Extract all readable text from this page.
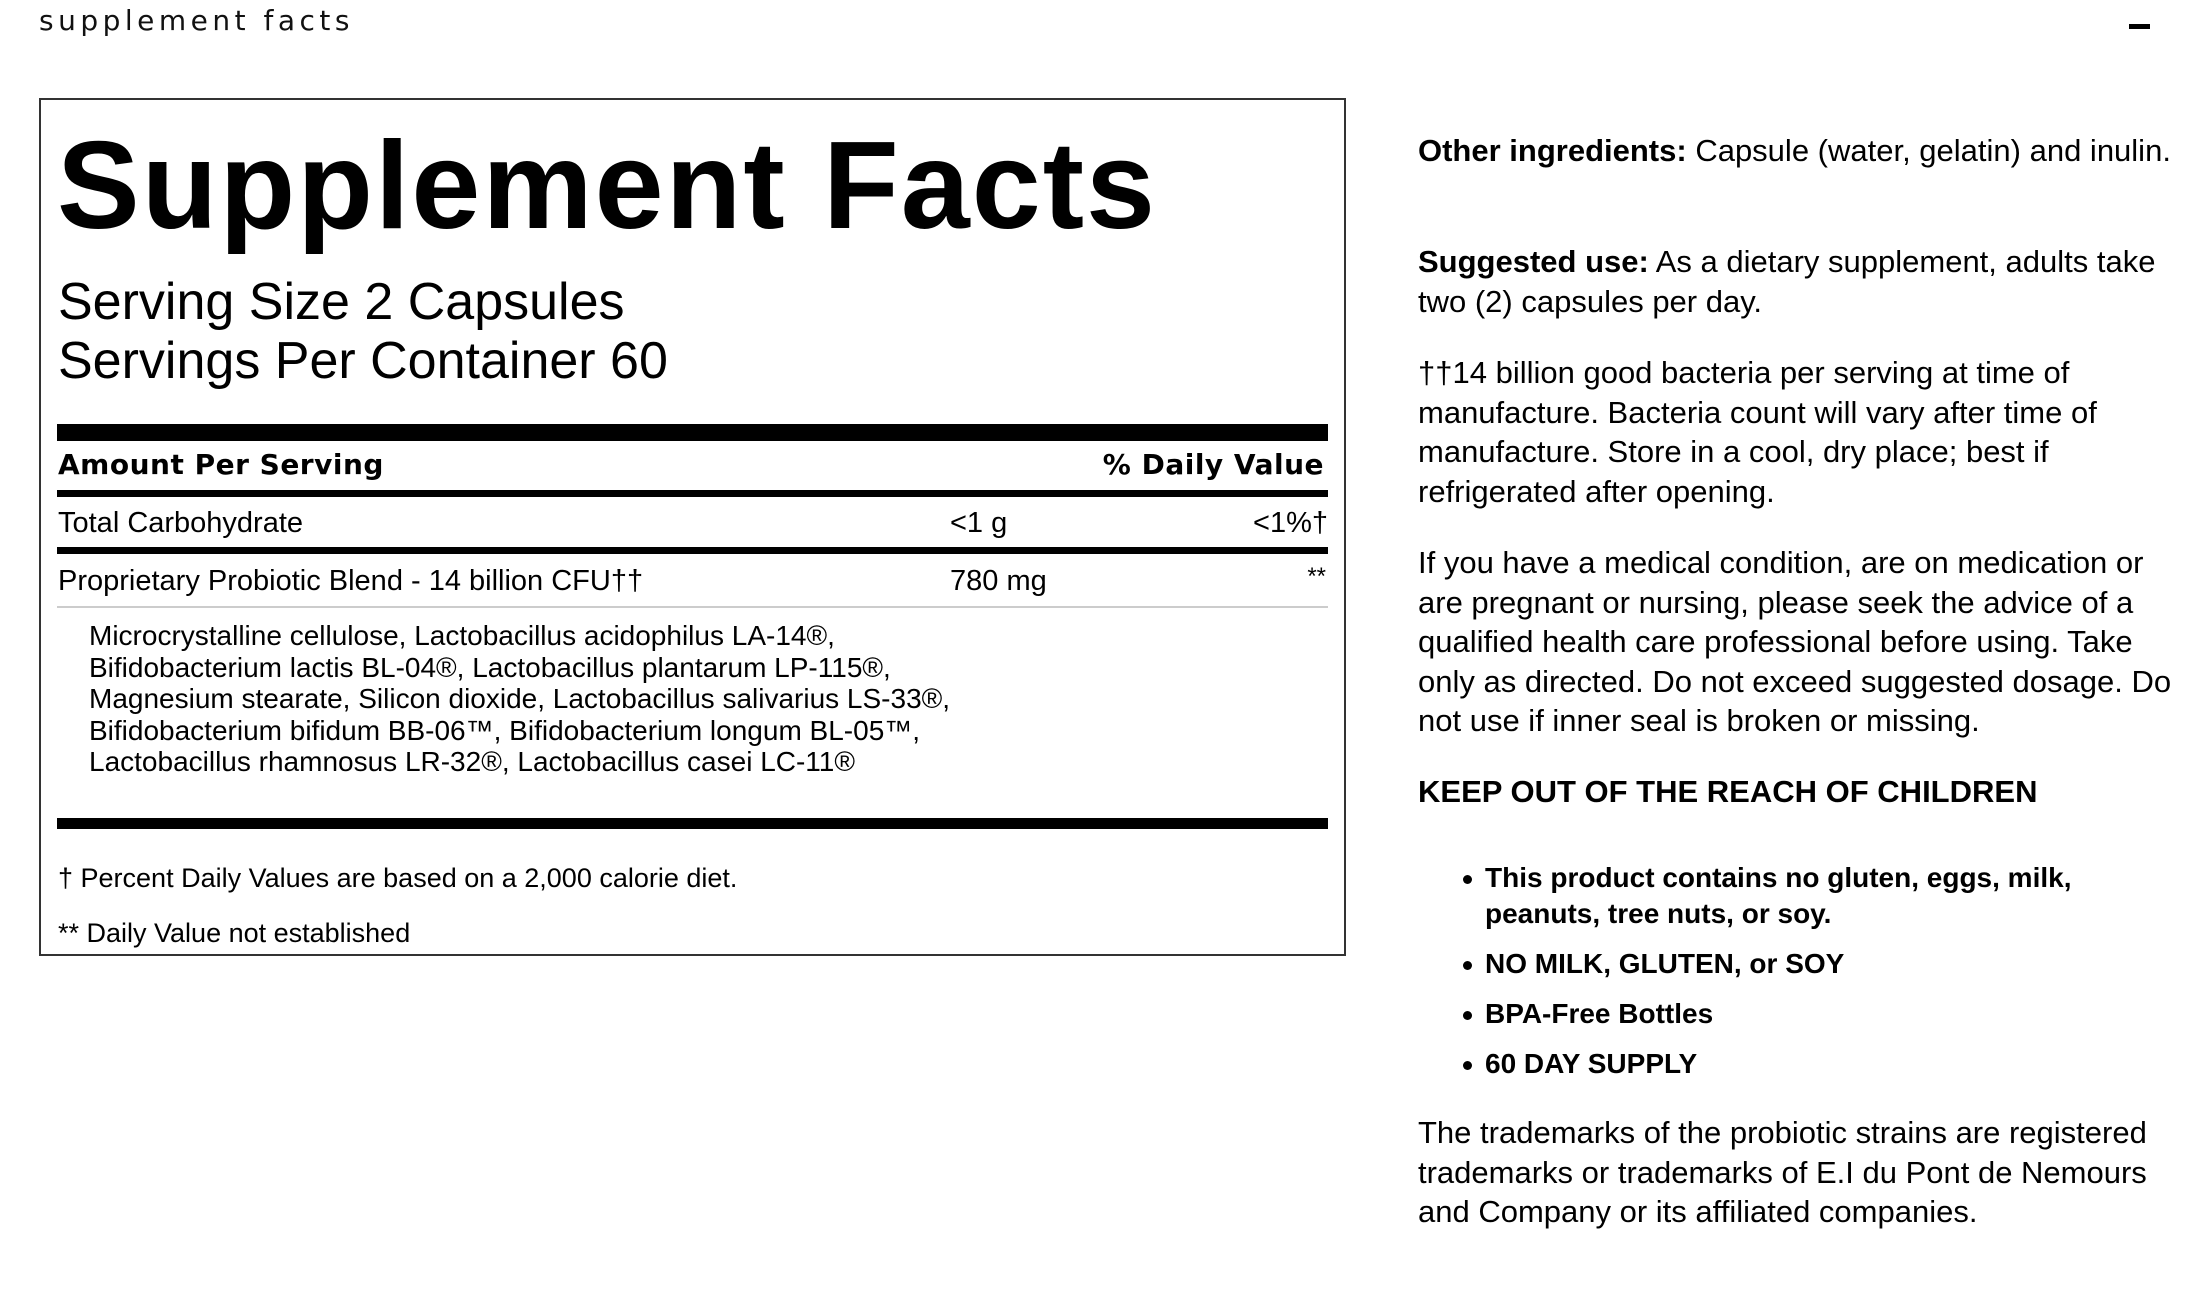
supplement facts
Supplement Facts
Serving Size 2 Capsules
Servings Per Container 60
Amount Per Serving	% Daily Value
Total Carbohydrate	<1 g	<1%†
Proprietary Probiotic Blend - 14 billion CFU††	780 mg	**
Microcrystalline cellulose, Lactobacillus acidophilus LA-14®, Bifidobacterium lactis BL-04®, Lactobacillus plantarum LP-115®, Magnesium stearate, Silicon dioxide, Lactobacillus salivarius LS-33®, Bifidobacterium bifidum BB-06™, Bifidobacterium longum BL-05™, Lactobacillus rhamnosus LR-32®, Lactobacillus casei LC-11®
† Percent Daily Values are based on a 2,000 calorie diet.
** Daily Value not established
Other ingredients: Capsule (water, gelatin) and inulin.
Suggested use: As a dietary supplement, adults take two (2) capsules per day.
††14 billion good bacteria per serving at time of manufacture. Bacteria count will vary after time of manufacture. Store in a cool, dry place; best if refrigerated after opening.
If you have a medical condition, are on medication or are pregnant or nursing, please seek the advice of a qualified health care professional before using. Take only as directed. Do not exceed suggested dosage. Do not use if inner seal is broken or missing.
KEEP OUT OF THE REACH OF CHILDREN
This product contains no gluten, eggs, milk, peanuts, tree nuts, or soy.
NO MILK, GLUTEN, or SOY
BPA-Free Bottles
60 DAY SUPPLY
The trademarks of the probiotic strains are registered trademarks or trademarks of E.I du Pont de Nemours and Company or its affiliated companies.
